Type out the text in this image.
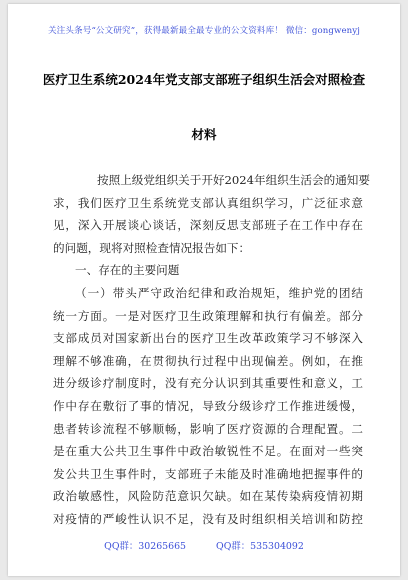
关注头条号“公文研究”，获得最新最全最专业的公文资料库！ 微信：gongwenyj
医疗卫生系统2024年党支部支部班子组织生活会对照检查
材料
按照上级党组织关于开好2024年组织生活会的通知要
求，我们医疗卫生系统党支部认真组织学习，广泛征求意
见，深入开展谈心谈话，深刻反思支部班子在工作中存在
的问题，现将对照检查情况报告如下：
一、存在的主要问题
（一）带头严守政治纪律和政治规矩，维护党的团结
统一方面。一是对医疗卫生政策理解和执行有偏差。部分
支部成员对国家新出台的医疗卫生改革政策学习不够深入
理解不够准确，在贯彻执行过程中出现偏差。例如，在推
进分级诊疗制度时，没有充分认识到其重要性和意义，工
作中存在敷衍了事的情况，导致分级诊疗工作推进缓慢，
患者转诊流程不够顺畅，影响了医疗资源的合理配置。二
是在重大公共卫生事件中政治敏锐性不足。在面对一些突
发公共卫生事件时，支部班子未能及时准确地把握事件的
政治敏感性，风险防范意识欠缺。如在某传染病疫情初期
对疫情的严峻性认识不足，没有及时组织相关培训和防控
QQ群：30265665	QQ群：535304092
